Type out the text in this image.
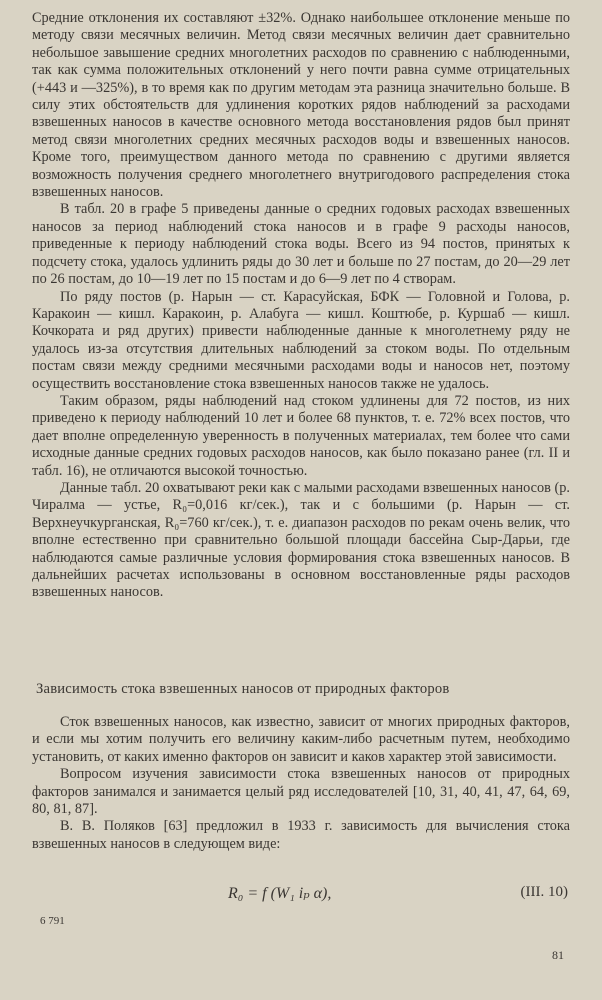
Средние отклонения их составляют ±32%. Однако наибольшее отклонение меньше по методу связи месячных величин. Метод связи месячных величин дает сравнительно небольшое завышение средних многолетних расходов по сравнению с наблюденными, так как сумма положительных отклонений у него почти равна сумме отрицательных (+443 и —325%), в то время как по другим методам эта разница значительно больше. В силу этих обстоятельств для удлинения коротких рядов наблюдений за расходами взвешенных наносов в качестве основного метода восстановления рядов был принят метод связи многолетних средних месячных расходов воды и взвешенных наносов. Кроме того, преимуществом данного метода по сравнению с другими является возможность получения среднего многолетнего внутригодового распределения стока взвешенных наносов.

В табл. 20 в графе 5 приведены данные о средних годовых расходах взвешенных наносов за период наблюдений стока наносов и в графе 9 расходы наносов, приведенные к периоду наблюдений стока воды. Всего из 94 постов, принятых к подсчету стока, удалось удлинить ряды до 30 лет и больше по 27 постам, до 20—29 лет по 26 постам, до 10—19 лет по 15 постам и до 6—9 лет по 4 створам.

По ряду постов (р. Нарын — ст. Карасуйская, БФК — Головной и Голова, р. Каракоин — кишл. Каракоин, р. Алабуга — кишл. Коштюбе, р. Куршаб — кишл. Кочкората и ряд других) привести наблюденные данные к многолетнему ряду не удалось из-за отсутствия длительных наблюдений за стоком воды. По отдельным постам связи между средними месячными расходами воды и наносов нет, поэтому осуществить восстановление стока взвешенных наносов также не удалось.

Таким образом, ряды наблюдений над стоком удлинены для 72 постов, из них приведено к периоду наблюдений 10 лет и более 68 пунктов, т. е. 72% всех постов, что дает вполне определенную уверенность в полученных материалах, тем более что сами исходные данные средних годовых расходов наносов, как было показано ранее (гл. II и табл. 16), не отличаются высокой точностью.

Данные табл. 20 охватывают реки как с малыми расходами взвешенных наносов (р. Чиралма — устье, R₀=0,016 кг/сек.), так и с большими (р. Нарын — ст. Верхнеучкурганская, R₀=760 кг/сек.), т. е. диапазон расходов по рекам очень велик, что вполне естественно при сравнительно большой площади бассейна Сыр-Дарьи, где наблюдаются самые различные условия формирования стока взвешенных наносов. В дальнейших расчетах использованы в основном восстановленные ряды расходов взвешенных наносов.

Зависимость стока взвешенных наносов от природных факторов

Сток взвешенных наносов, как известно, зависит от многих природных факторов, и если мы хотим получить его величину каким-либо расчетным путем, необходимо установить, от каких именно факторов он зависит и каков характер этой зависимости.

Вопросом изучения зависимости стока взвешенных наносов от природных факторов занимался и занимается целый ряд исследователей [10, 31, 40, 41, 47, 64, 69, 80, 81, 87].

В. В. Поляков [63] предложил в 1933 г. зависимость для вычисления стока взвешенных наносов в следующем виде:

R₀ = f (W₁ iₚ α),	(III. 10)
6 791
81
